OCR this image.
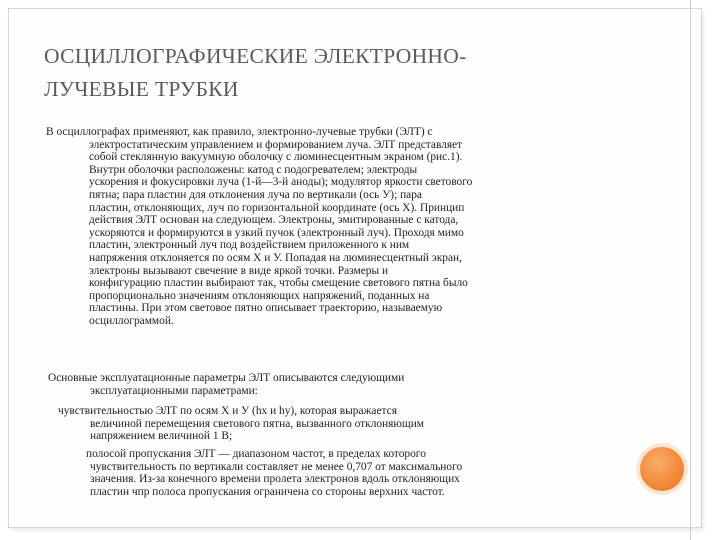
ОСЦИЛЛОГРАФИЧЕСКИЕ ЭЛЕКТРОННО-
ЛУЧЕВЫЕ ТРУБКИ

В осциллографах применяют, как правило, электронно-лучевые трубки (ЭЛТ) с
электростатическим управлением и формированием луча. ЭЛТ представляет
собой стеклянную вакуумную оболочку с люминесцентным экраном (рис.1).
Внутри оболочки расположены: катод с подогревателем; электроды
ускорения и фокусировки луча (1-й—3-й аноды); модулятор яркости светового
пятна; пара пластин для отклонения луча по вертикали (ось У); пара
пластин, отклоняющих, луч по горизонтальной координате (ось X). Принцип
действия ЭЛТ основан на следующем. Электроны, эмитированные с катода,
ускоряются и формируются в узкий пучок (электронный луч). Проходя мимо
пластин, электронный луч под воздействием приложенного к ним
напряжения отклоняется по осям X и У. Попадая на люминесцентный экран,
электроны вызывают свечение в виде яркой точки. Размеры и
конфигурацию пластин выбирают так, чтобы смещение светового пятна было
пропорционально значениям отклоняющих напряжений, поданных на
пластины. При этом световое пятно описывает траекторию, называемую
осциллограммой.

Основные эксплуатационные параметры ЭЛТ описываются следующими
эксплуатационными параметрами:

чувствительностью ЭЛТ по осям X и У (hx и hy), которая выражается
величиной перемещения светового пятна, вызванного отклоняющим
напряжением величиной 1 В;

полосой пропускания ЭЛТ — диапазоном частот, в пределах которого
чувствительность по вертикали составляет не менее 0,707 от максимального
значения. Из-за конечного времени пролета электронов вдоль отклоняющих
пластин чпр полоса пропускания ограничена со стороны верхних частот.
